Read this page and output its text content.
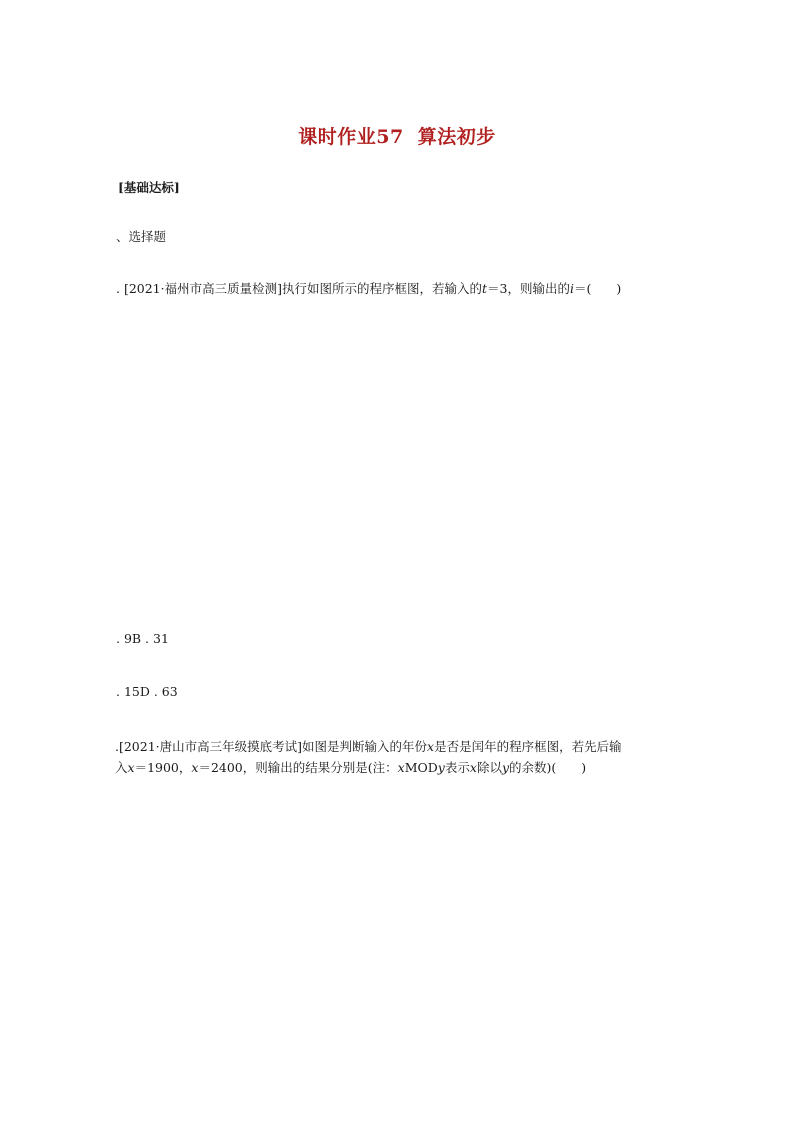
课时作业57 算法初步
[基础达标]
、选择题
. [2021·福州市高三质量检测]执行如图所示的程序框图，若输入的t＝3，则输出的i＝(　　)
. 9B . 31
. 15D . 63
.[2021·唐山市高三年级摸底考试]如图是判断输入的年份x是否是闰年的程序框图，若先后输
入x＝1900，x＝2400，则输出的结果分别是(注：xMODy表示x除以y的余数)(　　)
